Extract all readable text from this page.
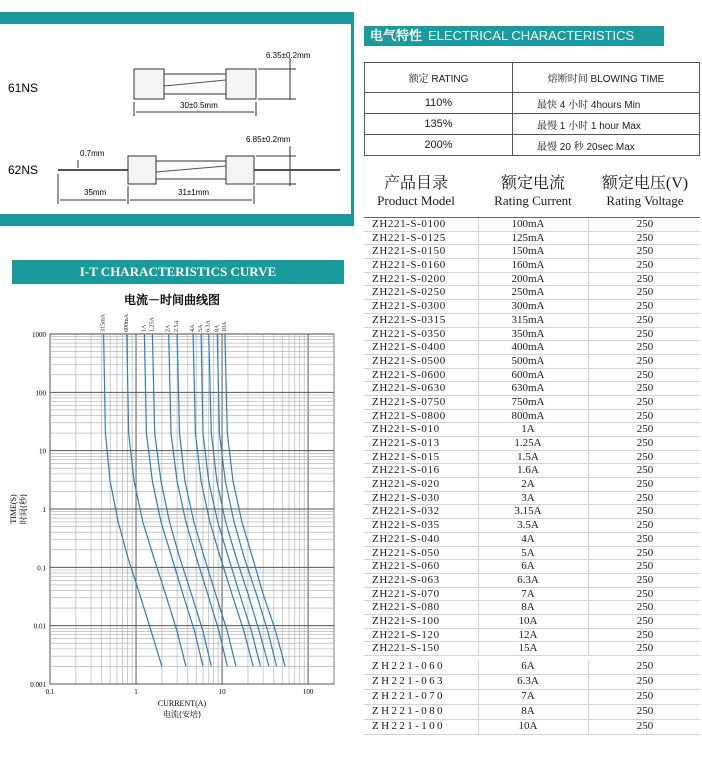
61NS
30±0.5mm
6.35±0.2mm
62NS
0.7mm
35mm	31±1mm
6.85±0.2mm
电气特性 ELECTRICAL CHARACTERISTICS
额定 RATING	熔断时间 BLOWING TIME
110%	最快 4 小时 4hours Min
135%	最慢 1 小时 1 hour Max
200%	最慢 20 秒 20sec Max
产品目录
Product Model
额定电流
Rating Current
额定电压(V)
Rating Voltage
ZH221-S-0100	100mA	250
ZH221-S-0125	125mA	250
ZH221-S-0150	150mA	250
ZH221-S-0160	160mA	250
ZH221-S-0200	200mA	250
ZH221-S-0250	250mA	250
ZH221-S-0300	300mA	250
ZH221-S-0315	315mA	250
ZH221-S-0350	350mA	250
ZH221-S-0400	400mA	250
ZH221-S-0500	500mA	250
ZH221-S-0600	600mA	250
ZH221-S-0630	630mA	250
ZH221-S-0750	750mA	250
ZH221-S-0800	800mA	250
ZH221-S-010	1A	250
ZH221-S-013	1.25A	250
ZH221-S-015	1.5A	250
ZH221-S-016	1.6A	250
ZH221-S-020	2A	250
ZH221-S-030	3A	250
ZH221-S-032	3.15A	250
ZH221-S-035	3.5A	250
ZH221-S-040	4A	250
ZH221-S-050	5A	250
ZH221-S-060	6A	250
ZH221-S-063	6.3A	250
ZH221-S-070	7A	250
ZH221-S-080	8A	250
ZH221-S-100	10A	250
ZH221-S-120	12A	250
ZH221-S-150	15A	250
ZH221-060	6A	250
ZH221-063	6.3A	250
ZH221-070	7A	250
ZH221-080	8A	250
ZH221-100	10A	250
I-T CHARACTERISTICS CURVE
315mA	600mA 1A 1.25A 2A 2.5A 4A 5A 6.3A 8A 10A
1000
100
10
1
0.1
0.01
0.001
0.1	1	10	100
电流－时间曲线图
CURRENT(A)
电流(安培)
TIME(S) 时间(秒)
